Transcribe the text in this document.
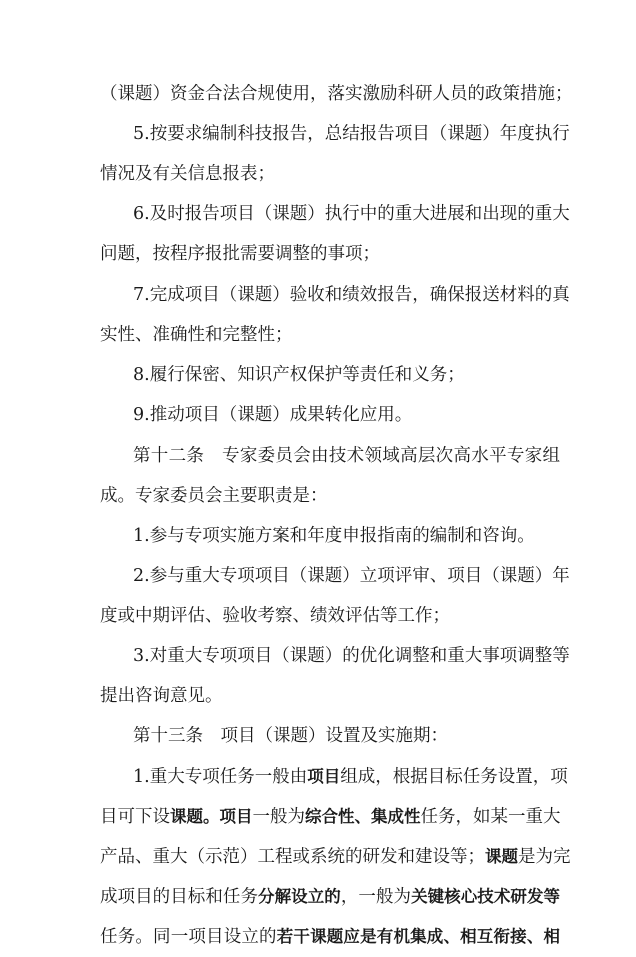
（课题）资金合法合规使用，落实激励科研人员的政策措施；
5.按要求编制科技报告，总结报告项目（课题）年度执行
情况及有关信息报表；
6.及时报告项目（课题）执行中的重大进展和出现的重大
问题，按程序报批需要调整的事项；
7.完成项目（课题）验收和绩效报告，确保报送材料的真
实性、准确性和完整性；
8.履行保密、知识产权保护等责任和义务；
9.推动项目（课题）成果转化应用。
第十二条　专家委员会由技术领域高层次高水平专家组
成。专家委员会主要职责是：
1.参与专项实施方案和年度申报指南的编制和咨询。
2.参与重大专项项目（课题）立项评审、项目（课题）年
度或中期评估、验收考察、绩效评估等工作；
3.对重大专项项目（课题）的优化调整和重大事项调整等
提出咨询意见。
第十三条　项目（课题）设置及实施期：
1.重大专项任务一般由项目组成，根据目标任务设置，项
目可下设课题。项目一般为综合性、集成性任务，如某一重大
产品、重大（示范）工程或系统的研发和建设等；课题是为完
成项目的目标和任务分解设立的，一般为关键核心技术研发等
任务。同一项目设立的若干课题应是有机集成、相互衔接、相
